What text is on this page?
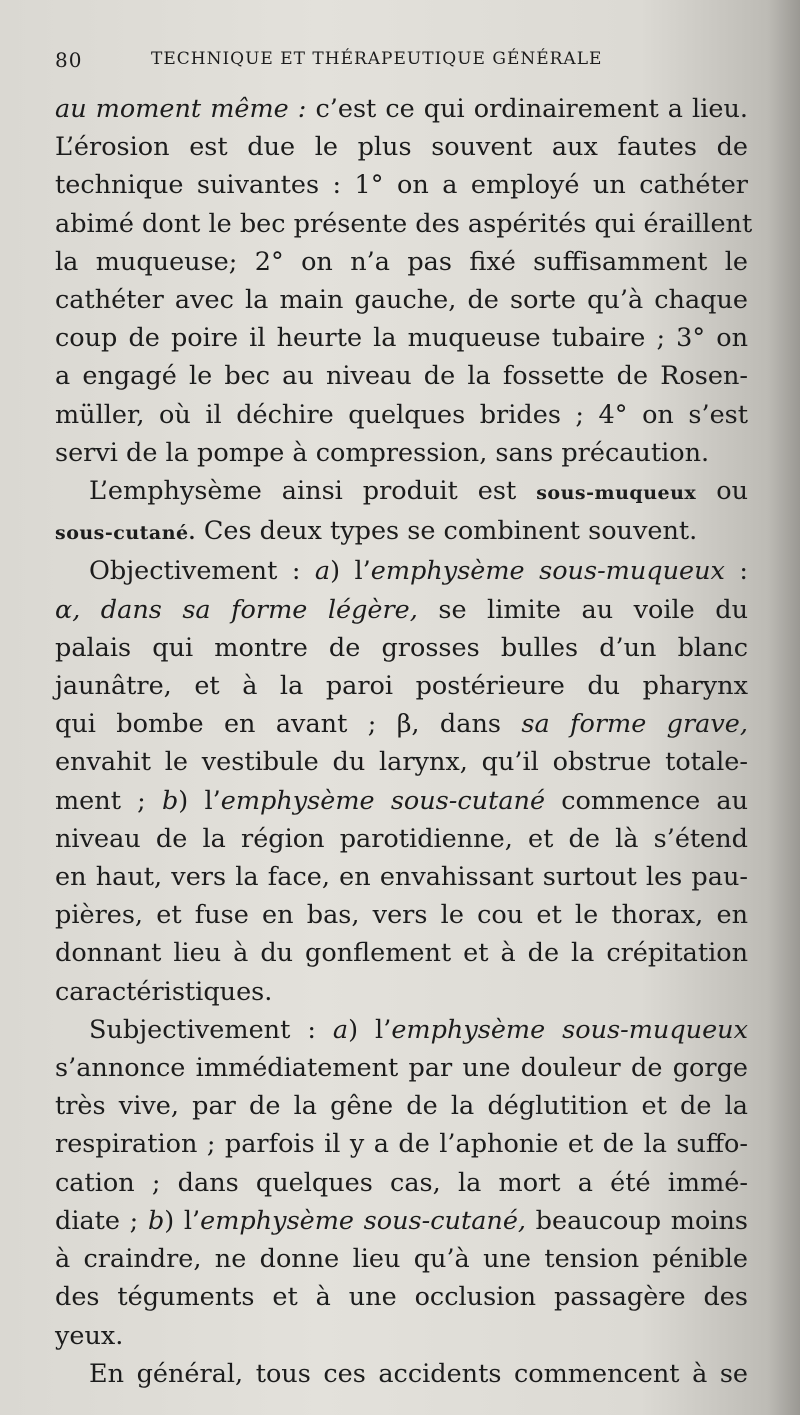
80	TECHNIQUE ET THÉRAPEUTIQUE GÉNÉRALE
au moment même : c’est ce qui ordinairement a lieu.
L’érosion est due le plus souvent aux fautes de
technique suivantes : 1° on a employé un cathéter
abimé dont le bec présente des aspérités qui éraillent
la muqueuse; 2° on n’a pas fixé suffisamment le
cathéter avec la main gauche, de sorte qu’à chaque
coup de poire il heurte la muqueuse tubaire ; 3° on
a engagé le bec au niveau de la fossette de Rosen-
müller, où il déchire quelques brides ; 4° on s’est
servi de la pompe à compression, sans précaution.
L’emphysème ainsi produit est sous-muqueux ou
sous-cutané. Ces deux types se combinent souvent.
Objectivement : a) l’emphysème sous-muqueux :
α, dans sa forme légère, se limite au voile du
palais qui montre de grosses bulles d’un blanc
jaunâtre, et à la paroi postérieure du pharynx
qui bombe en avant ; β, dans sa forme grave,
envahit le vestibule du larynx, qu’il obstrue totale-
ment ; b) l’emphysème sous-cutané commence au
niveau de la région parotidienne, et de là s’étend
en haut, vers la face, en envahissant surtout les pau-
pières, et fuse en bas, vers le cou et le thorax, en
donnant lieu à du gonflement et à de la crépitation
caractéristiques.
Subjectivement : a) l’emphysème sous-muqueux
s’annonce immédiatement par une douleur de gorge
très vive, par de la gêne de la déglutition et de la
respiration ; parfois il y a de l’aphonie et de la suffo-
cation ; dans quelques cas, la mort a été immé-
diate ; b) l’emphysème sous-cutané, beaucoup moins
à craindre, ne donne lieu qu’à une tension pénible
des téguments et à une occlusion passagère des
yeux.
En général, tous ces accidents commencent à se
